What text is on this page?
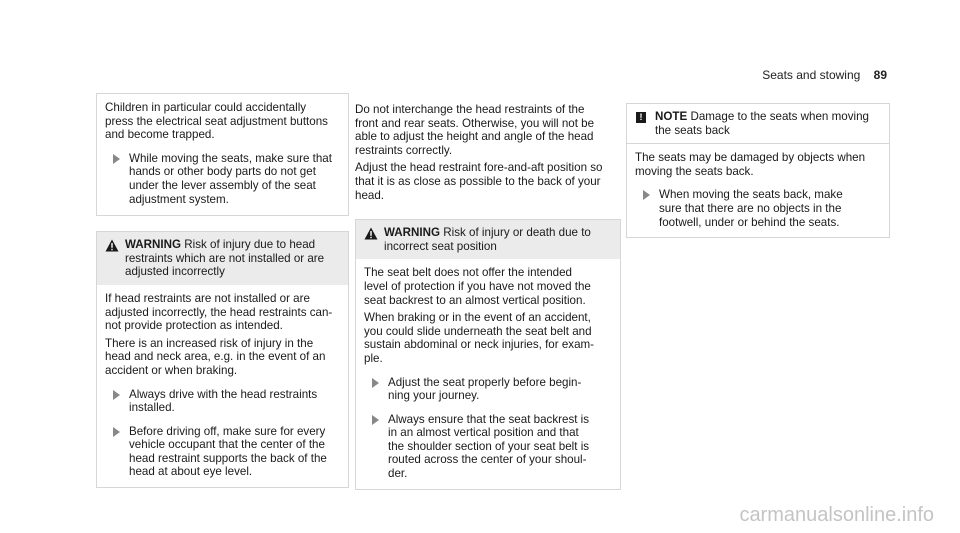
Seats and stowing 89

Children in particular could accidentally
press the electrical seat adjustment buttons
and become trapped.

While moving the seats, make sure that
hands or other body parts do not get
under the lever assembly of the seat
adjustment system.

WARNING Risk of injury due to head
restraints which are not installed or are
adjusted incorrectly

If head restraints are not installed or are
adjusted incorrectly, the head restraints can-
not provide protection as intended.

There is an increased risk of injury in the
head and neck area, e.g. in the event of an
accident or when braking.

Always drive with the head restraints
installed.
Before driving off, make sure for every
vehicle occupant that the center of the
head restraint supports the back of the
head at about eye level.

Do not interchange the head restraints of the
front and rear seats. Otherwise, you will not be
able to adjust the height and angle of the head
restraints correctly.

Adjust the head restraint fore-and-aft position so
that it is as close as possible to the back of your
head.

WARNING Risk of injury or death due to
incorrect seat position

The seat belt does not offer the intended
level of protection if you have not moved the
seat backrest to an almost vertical position.

When braking or in the event of an accident,
you could slide underneath the seat belt and
sustain abdominal or neck injuries, for exam-
ple.

Adjust the seat properly before begin-
ning your journey.
Always ensure that the seat backrest is
in an almost vertical position and that
the shoulder section of your seat belt is
routed across the center of your shoul-
der.

!	NOTE Damage to the seats when moving
the seats back

The seats may be damaged by objects when
moving the seats back.

When moving the seats back, make
sure that there are no objects in the
footwell, under or behind the seats.
carmanualsonline.info
